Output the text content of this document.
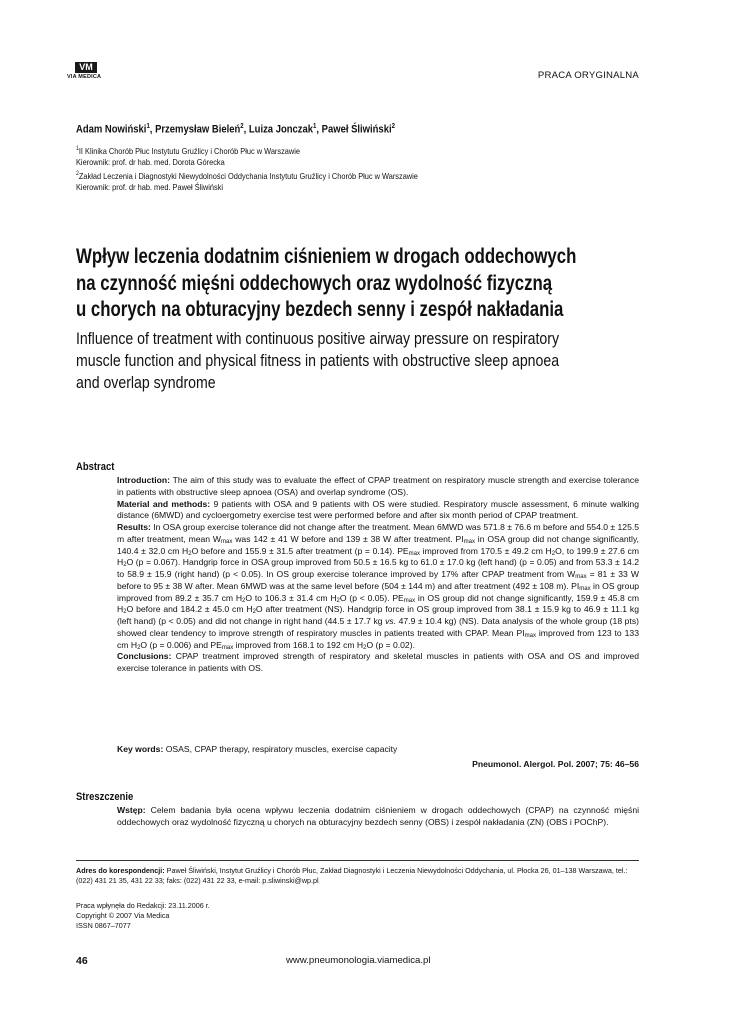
VM
VIA MEDICA	PRACA ORYGINALNA
Adam Nowiński$^1$, Przemysław Bieleń$^2$, Luiza Jonczak$^1$, Paweł Śliwiński$^2$
$^1$II Klinika Chorób Płuc Instytutu Gruźlicy i Chorób Płuc w Warszawie
Kierownik: prof. dr hab. med. Dorota Górecka
$^2$Zakład Leczenia i Diagnostyki Niewydolności Oddychania Instytutu Gruźlicy i Chorób Płuc w Warszawie
Kierownik: prof. dr hab. med. Paweł Śliwiński
Wpływ leczenia dodatnim ciśnieniem w drogach oddechowych
na czynność mięśni oddechowych oraz wydolność fizyczną
u chorych na obturacyjny bezdech senny i zespół nakładania
Influence of treatment with continuous positive airway pressure on respiratory
muscle function and physical fitness in patients with obstructive sleep apnoea
and overlap syndrome
Abstract

Introduction: The aim of this study was to evaluate the effect of CPAP treatment on respiratory muscle strength and exercise tolerance in patients with obstructive sleep apnoea (OSA) and overlap syndrome (OS).

Material and methods: 9 patients with OSA and 9 patients with OS were studied. Respiratory muscle assessment, 6 minute walking distance (6MWD) and cycloergometry exercise test were performed before and after six month period of CPAP treatment.

Results: In OSA group exercise tolerance did not change after the treatment. Mean 6MWD was 571.8 ± 76.6 m before and 554.0 ± 125.5 m after treatment, mean $W_{max}$ was 142 ± 41 W before and 139 ± 38 W after treatment. $PI_{max}$ in OSA group did not change significantly, 140.4 ± 32.0 cm $H_2O$ before and 155.9 ± 31.5 after treatment (p = 0.14). $PE_{max}$ improved from 170.5 ± 49.2 cm $H_2O$, to 199.9 ± 27.6 cm $H_2O$ (p = 0.067). Handgrip force in OSA group improved from 50.5 ± 16.5 kg to 61.0 ± 17.0 kg (left hand) (p = 0.05) and from 53.3 ± 14.2 to 58.9 ± 15.9 (right hand) (p < 0.05). In OS group exercise tolerance improved by 17% after CPAP treatment from $W_{max} = 81 \pm 33$ W before to 95 ± 38 W after. Mean 6MWD was at the same level before (504 ± 144 m) and after treatment (492 ± 108 m). $PI_{max}$ in OS group improved from 89.2 ± 35.7 cm $H_2O$ to 106.3 ± 31.4 cm $H_2O$ (p < 0.05). $PE_{max}$ in OS group did not change significantly, 159.9 ± 45.8 cm $H_2O$ before and 184.2 ± 45.0 cm $H_2O$ after treatment (NS). Handgrip force in OS group improved from 38.1 ± 15.9 kg to 46.9 ± 11.1 kg (left hand) (p < 0.05) and did not change in right hand (44.5 ± 17.7 kg vs. 47.9 ± 10.4 kg) (NS). Data analysis of the whole group (18 pts) showed clear tendency to improve strength of respiratory muscles in patients treated with CPAP. Mean $PI_{max}$ improved from 123 to 133 cm $H_2O$ (p = 0.006) and $PE_{max}$ improved from 168.1 to 192 cm $H_2O$ (p = 0.02).

Conclusions: CPAP treatment improved strength of respiratory and skeletal muscles in patients with OSA and OS and improved exercise tolerance in patients with OS.

Key words: OSAS, CPAP therapy, respiratory muscles, exercise capacity
Pneumonol. Alergol. Pol. 2007; 75: 46–56
Streszczenie
Wstęp: Celem badania była ocena wpływu leczenia dodatnim ciśnieniem w drogach oddechowych (CPAP) na czynność mięśni oddechowych oraz wydolność fizyczną u chorych na obturacyjny bezdech senny (OBS) i zespół nakładania (ZN) (OBS i POChP).
Adres do korespondencji: Paweł Śliwiński, Instytut Gruźlicy i Chorób Płuc, Zakład Diagnostyki i Leczenia Niewydolności Oddychania, ul. Płocka 26, 01–138 Warszawa, tel.: (022) 431 21 35, 431 22 33; faks: (022) 431 22 33, e-mail: p.sliwinski@wp.pl
Praca wpłynęła do Redakcji: 23.11.2006 r.
Copyright © 2007 Via Medica
ISSN 0867–7077
46	www.pneumonologia.viamedica.pl
